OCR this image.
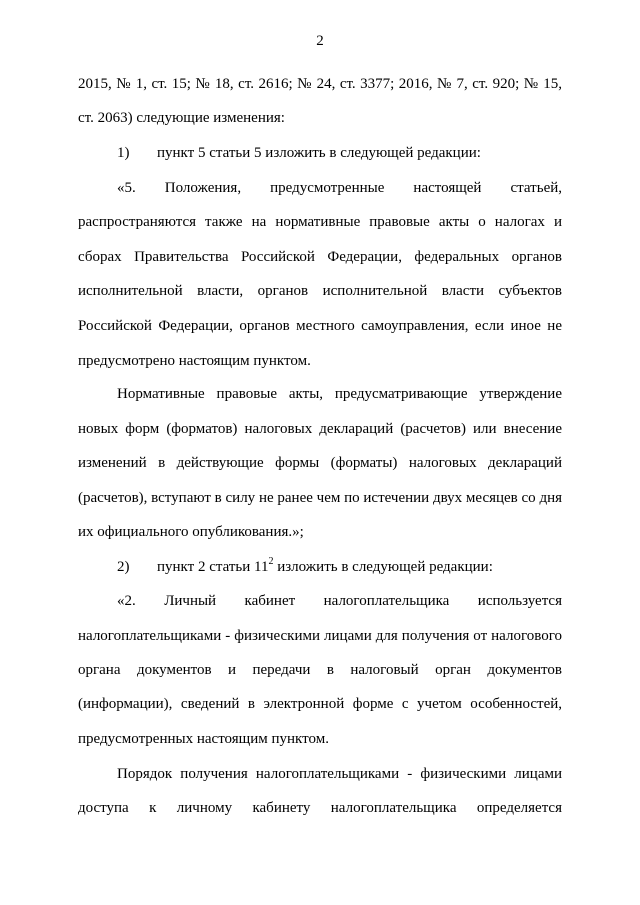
2
2015, № 1, ст. 15; № 18, ст. 2616; № 24, ст. 3377; 2016, № 7, ст. 920; № 15,
ст. 2063) следующие изменения:
1) пункт 5 статьи 5 изложить в следующей редакции:
«5. Положения, предусмотренные настоящей статьей,
распространяются также на нормативные правовые акты о налогах и
сборах Правительства Российской Федерации, федеральных органов
исполнительной власти, органов исполнительной власти субъектов
Российской Федерации, органов местного самоуправления, если иное не
предусмотрено настоящим пунктом.
Нормативные правовые акты, предусматривающие утверждение
новых форм (форматов) налоговых деклараций (расчетов) или внесение
изменений в действующие формы (форматы) налоговых деклараций
(расчетов), вступают в силу не ранее чем по истечении двух месяцев со дня
их официального опубликования.»;
2) пункт 2 статьи $11^2$ изложить в следующей редакции:
«2. Личный кабинет налогоплательщика используется
налогоплательщиками - физическими лицами для получения от налогового
органа документов и передачи в налоговый орган документов
(информации), сведений в электронной форме с учетом особенностей,
предусмотренных настоящим пунктом.
Порядок получения налогоплательщиками - физическими лицами
доступа к личному кабинету налогоплательщика определяется
